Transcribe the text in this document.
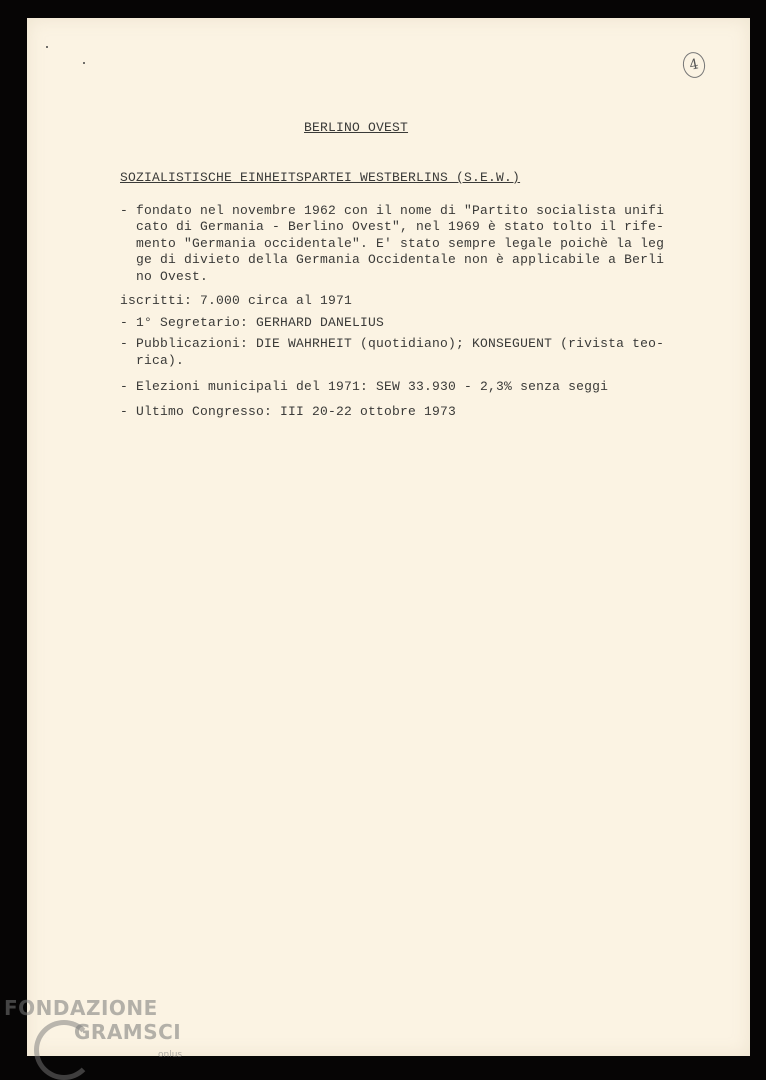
4
BERLINO OVEST
SOZIALISTISCHE EINHEITSPARTEI WESTBERLINS (S.E.W.)
- fondato nel novembre 1962 con il nome di "Partito socialista unifi
cato di Germania - Berlino Ovest", nel 1969 è stato tolto il rife-
mento "Germania occidentale". E' stato sempre legale poichè la leg
ge di divieto della Germania Occidentale non è applicabile a Berli
no Ovest.
iscritti: 7.000 circa al 1971
- 1° Segretario: GERHARD DANELIUS
- Pubblicazioni: DIE WAHRHEIT (quotidiano); KONSEGUENT (rivista teo-
rica).
- Elezioni municipali del 1971: SEW 33.930 - 2,3% senza seggi
- Ultimo Congresso: III 20-22 ottobre 1973
FONDAZIONE
GRAMSCI
onlus
